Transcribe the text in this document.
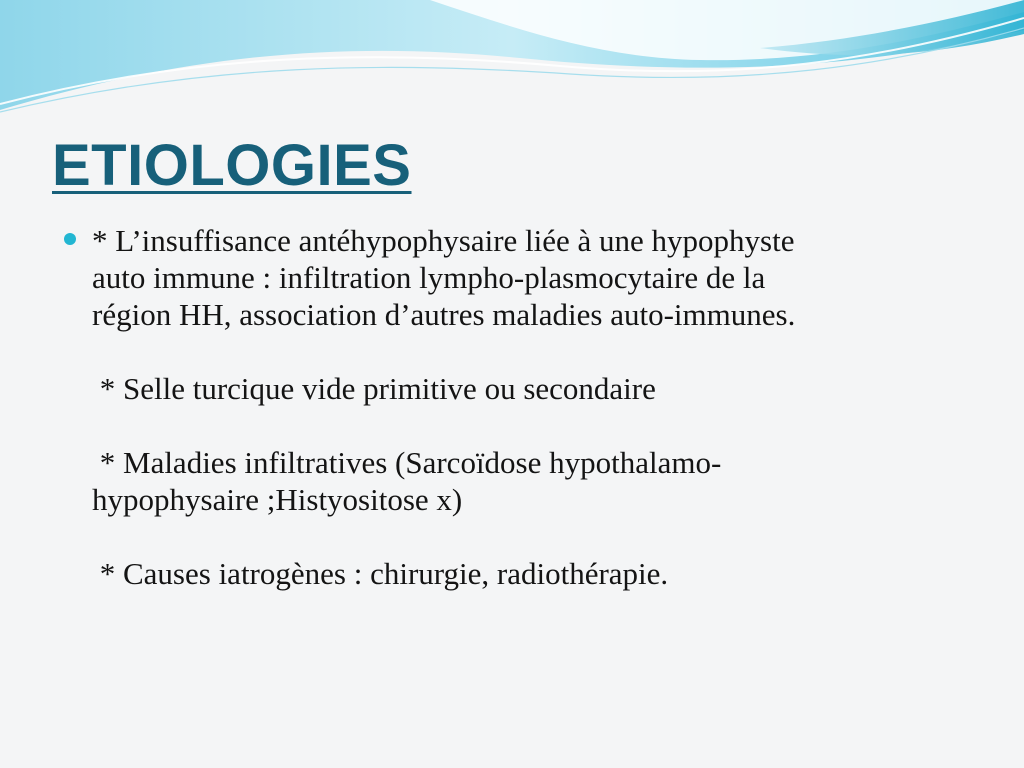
ETIOLOGIES

* L’insuffisance antéhypophysaire liée à une hypophyste

auto immune : infiltration lympho-plasmocytaire de la

région HH, association d’autres maladies auto-immunes.

* Selle turcique vide primitive ou secondaire

* Maladies infiltratives (Sarcoïdose hypothalamo-

hypophysaire ;Histyositose x)

* Causes iatrogènes : chirurgie, radiothérapie.
